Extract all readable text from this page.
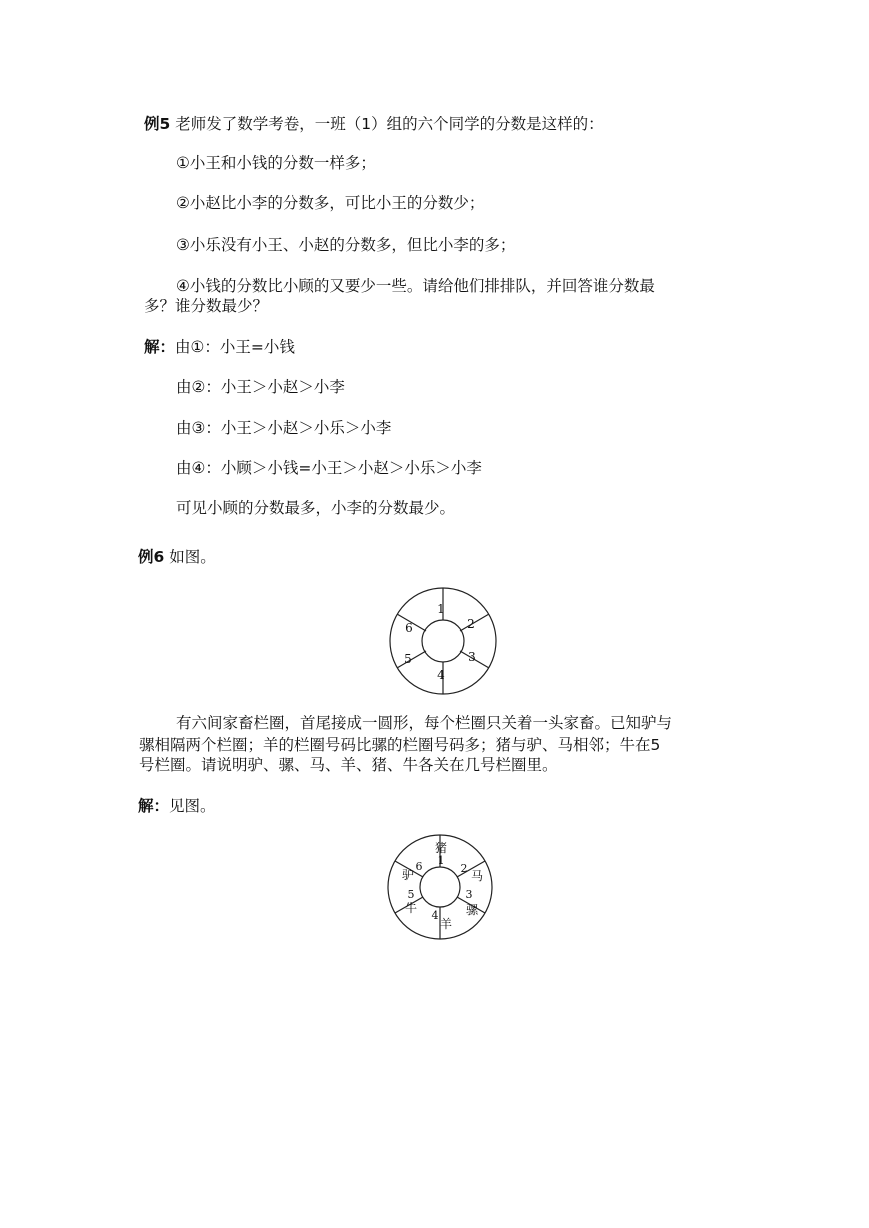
例5 老师发了数学考卷，一班（1）组的六个同学的分数是这样的：
①小王和小钱的分数一样多；
②小赵比小李的分数多，可比小王的分数少；
③小乐没有小王、小赵的分数多，但比小李的多；
④小钱的分数比小顾的又要少一些。请给他们排排队，并回答谁分数最
多？谁分数最少？
解：由①：小王=小钱
由②：小王＞小赵＞小李
由③：小王＞小赵＞小乐＞小李
由④：小顾＞小钱=小王＞小赵＞小乐＞小李
可见小顾的分数最多，小李的分数最少。
例6 如图。
1
2
3
4
5
6
有六间家畜栏圈，首尾接成一圆形，每个栏圈只关着一头家畜。已知驴与
骡相隔两个栏圈；羊的栏圈号码比骡的栏圈号码多；猪与驴、马相邻；牛在5
号栏圈。请说明驴、骡、马、羊、猪、牛各关在几号栏圈里。
解：见图。
猪
1
2
马
3
骡
4
羊
5
牛
6
驴
